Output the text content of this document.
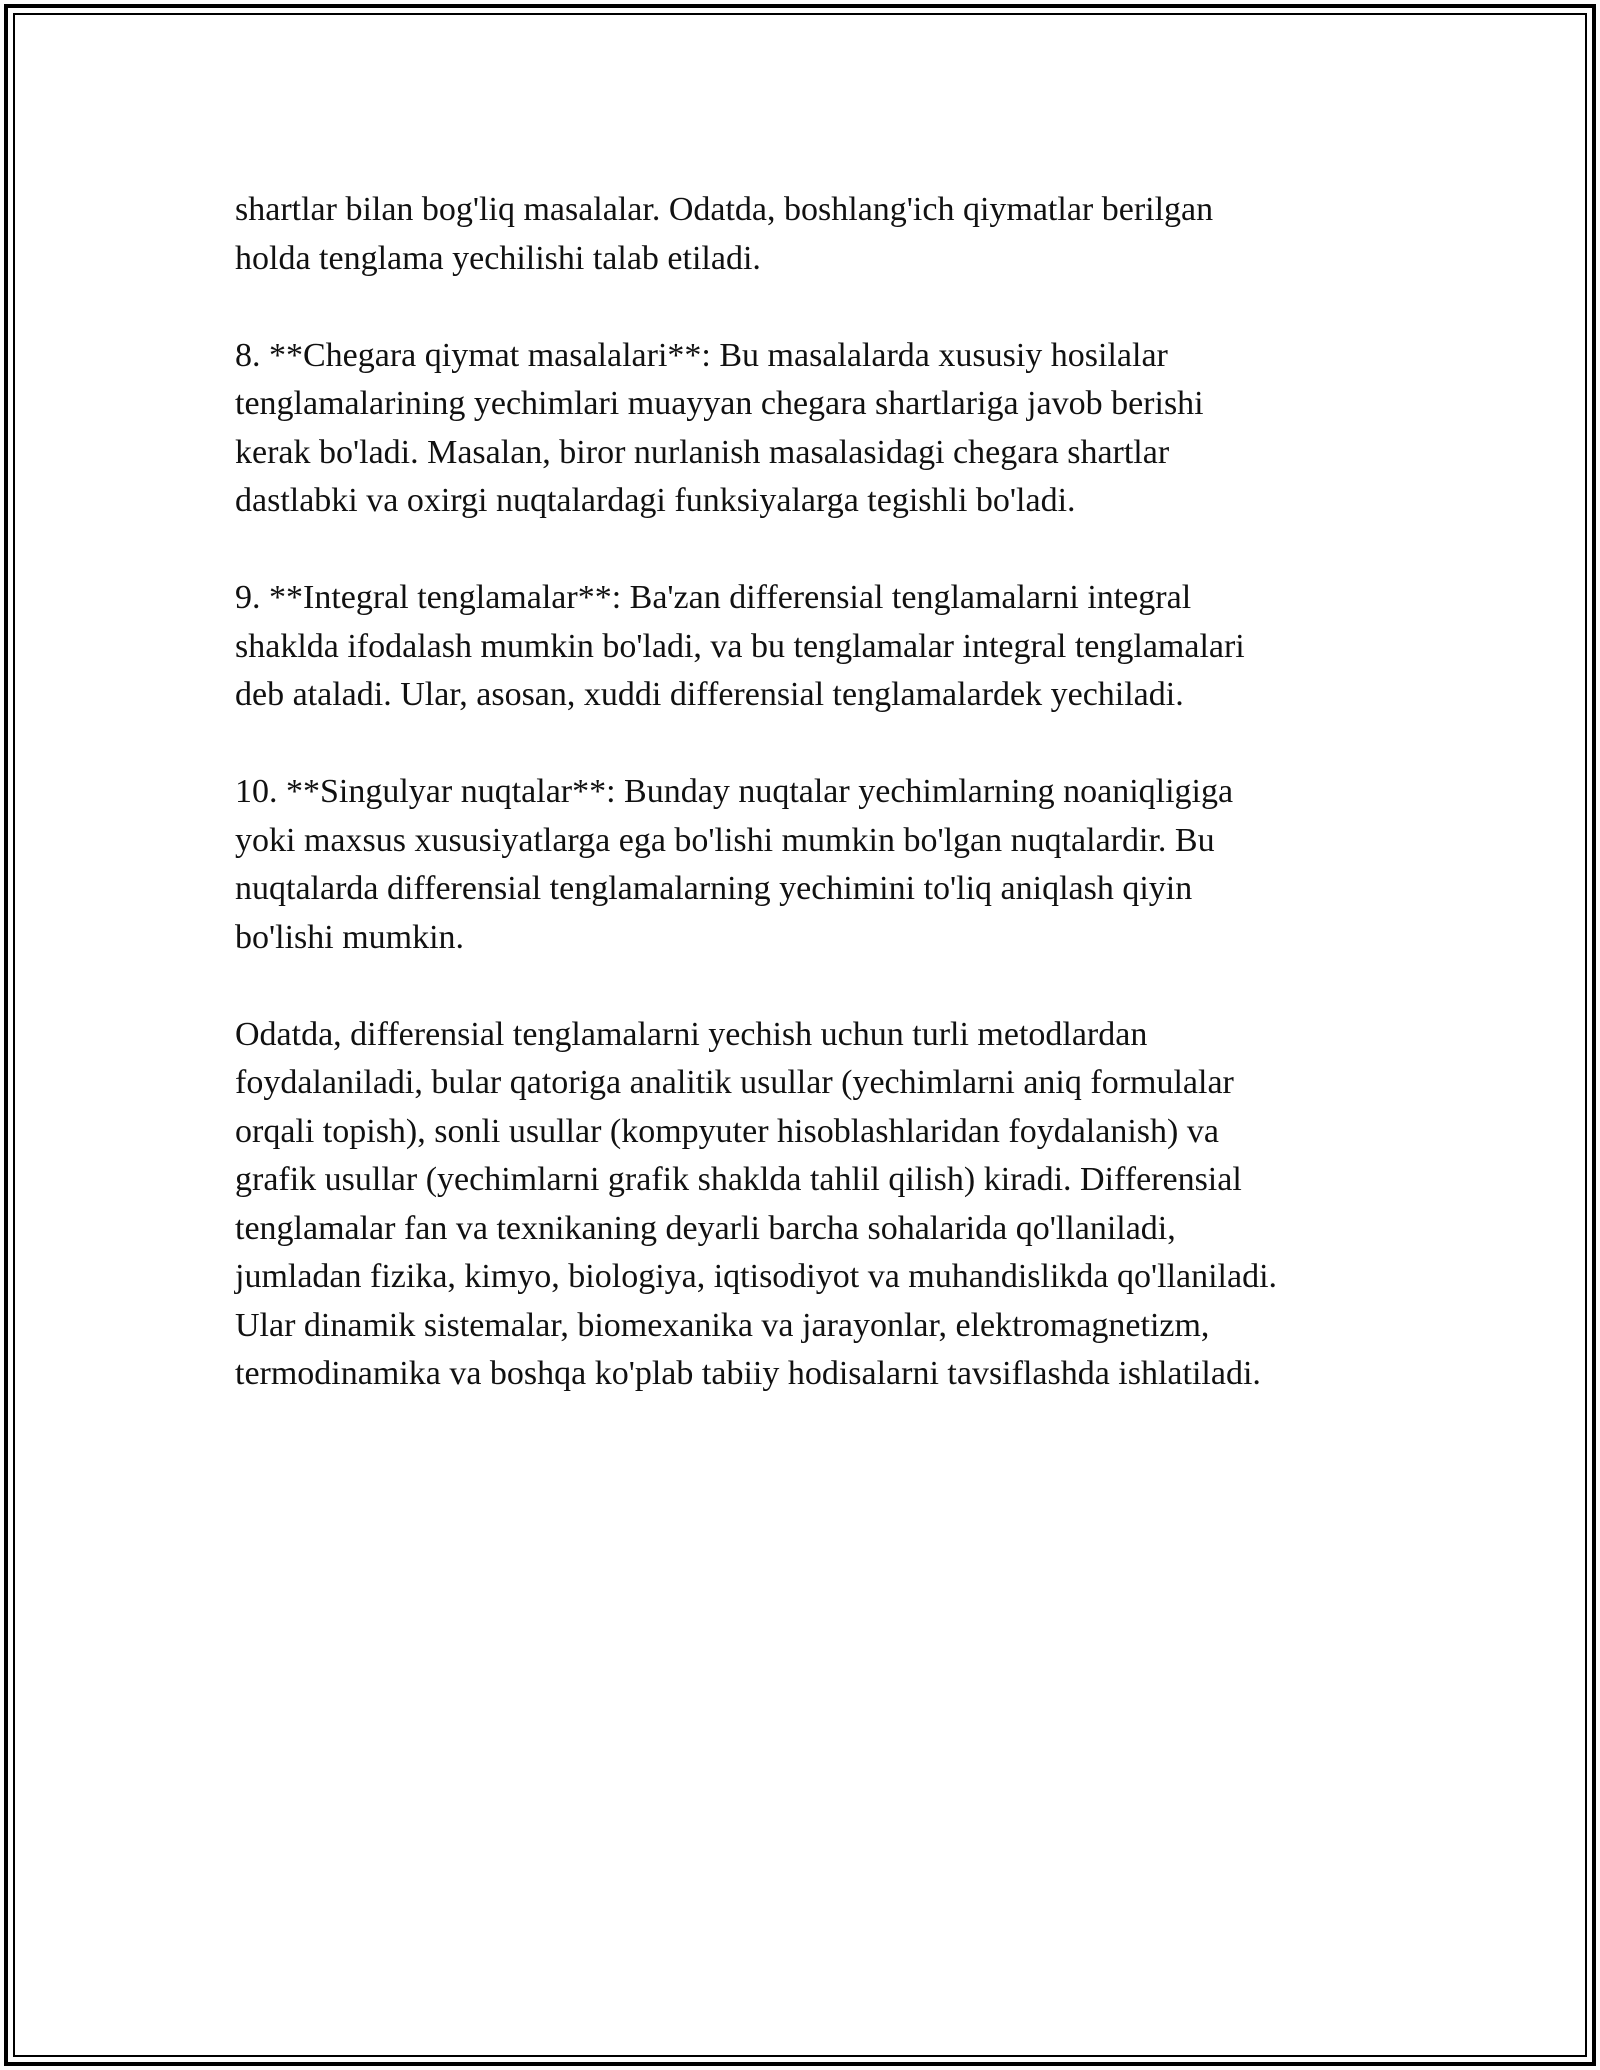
shartlar bilan bog'liq masalalar. Odatda, boshlang'ich qiymatlar berilgan
holda tenglama yechilishi talab etiladi.

8. **Chegara qiymat masalalari**: Bu masalalarda xususiy hosilalar
tenglamalarining yechimlari muayyan chegara shartlariga javob berishi
kerak bo'ladi. Masalan, biror nurlanish masalasidagi chegara shartlar
dastlabki va oxirgi nuqtalardagi funksiyalarga tegishli bo'ladi.

9. **Integral tenglamalar**: Ba'zan differensial tenglamalarni integral
shaklda ifodalash mumkin bo'ladi, va bu tenglamalar integral tenglamalari
deb ataladi. Ular, asosan, xuddi differensial tenglamalardek yechiladi.

10. **Singulyar nuqtalar**: Bunday nuqtalar yechimlarning noaniqligiga
yoki maxsus xususiyatlarga ega bo'lishi mumkin bo'lgan nuqtalardir. Bu
nuqtalarda differensial tenglamalarning yechimini to'liq aniqlash qiyin
bo'lishi mumkin.

Odatda, differensial tenglamalarni yechish uchun turli metodlardan
foydalaniladi, bular qatoriga analitik usullar (yechimlarni aniq formulalar
orqali topish), sonli usullar (kompyuter hisoblashlaridan foydalanish) va
grafik usullar (yechimlarni grafik shaklda tahlil qilish) kiradi. Differensial
tenglamalar fan va texnikaning deyarli barcha sohalarida qo'llaniladi,
jumladan fizika, kimyo, biologiya, iqtisodiyot va muhandislikda qo'llaniladi.
Ular dinamik sistemalar, biomexanika va jarayonlar, elektromagnetizm,
termodinamika va boshqa ko'plab tabiiy hodisalarni tavsiflashda ishlatiladi.
